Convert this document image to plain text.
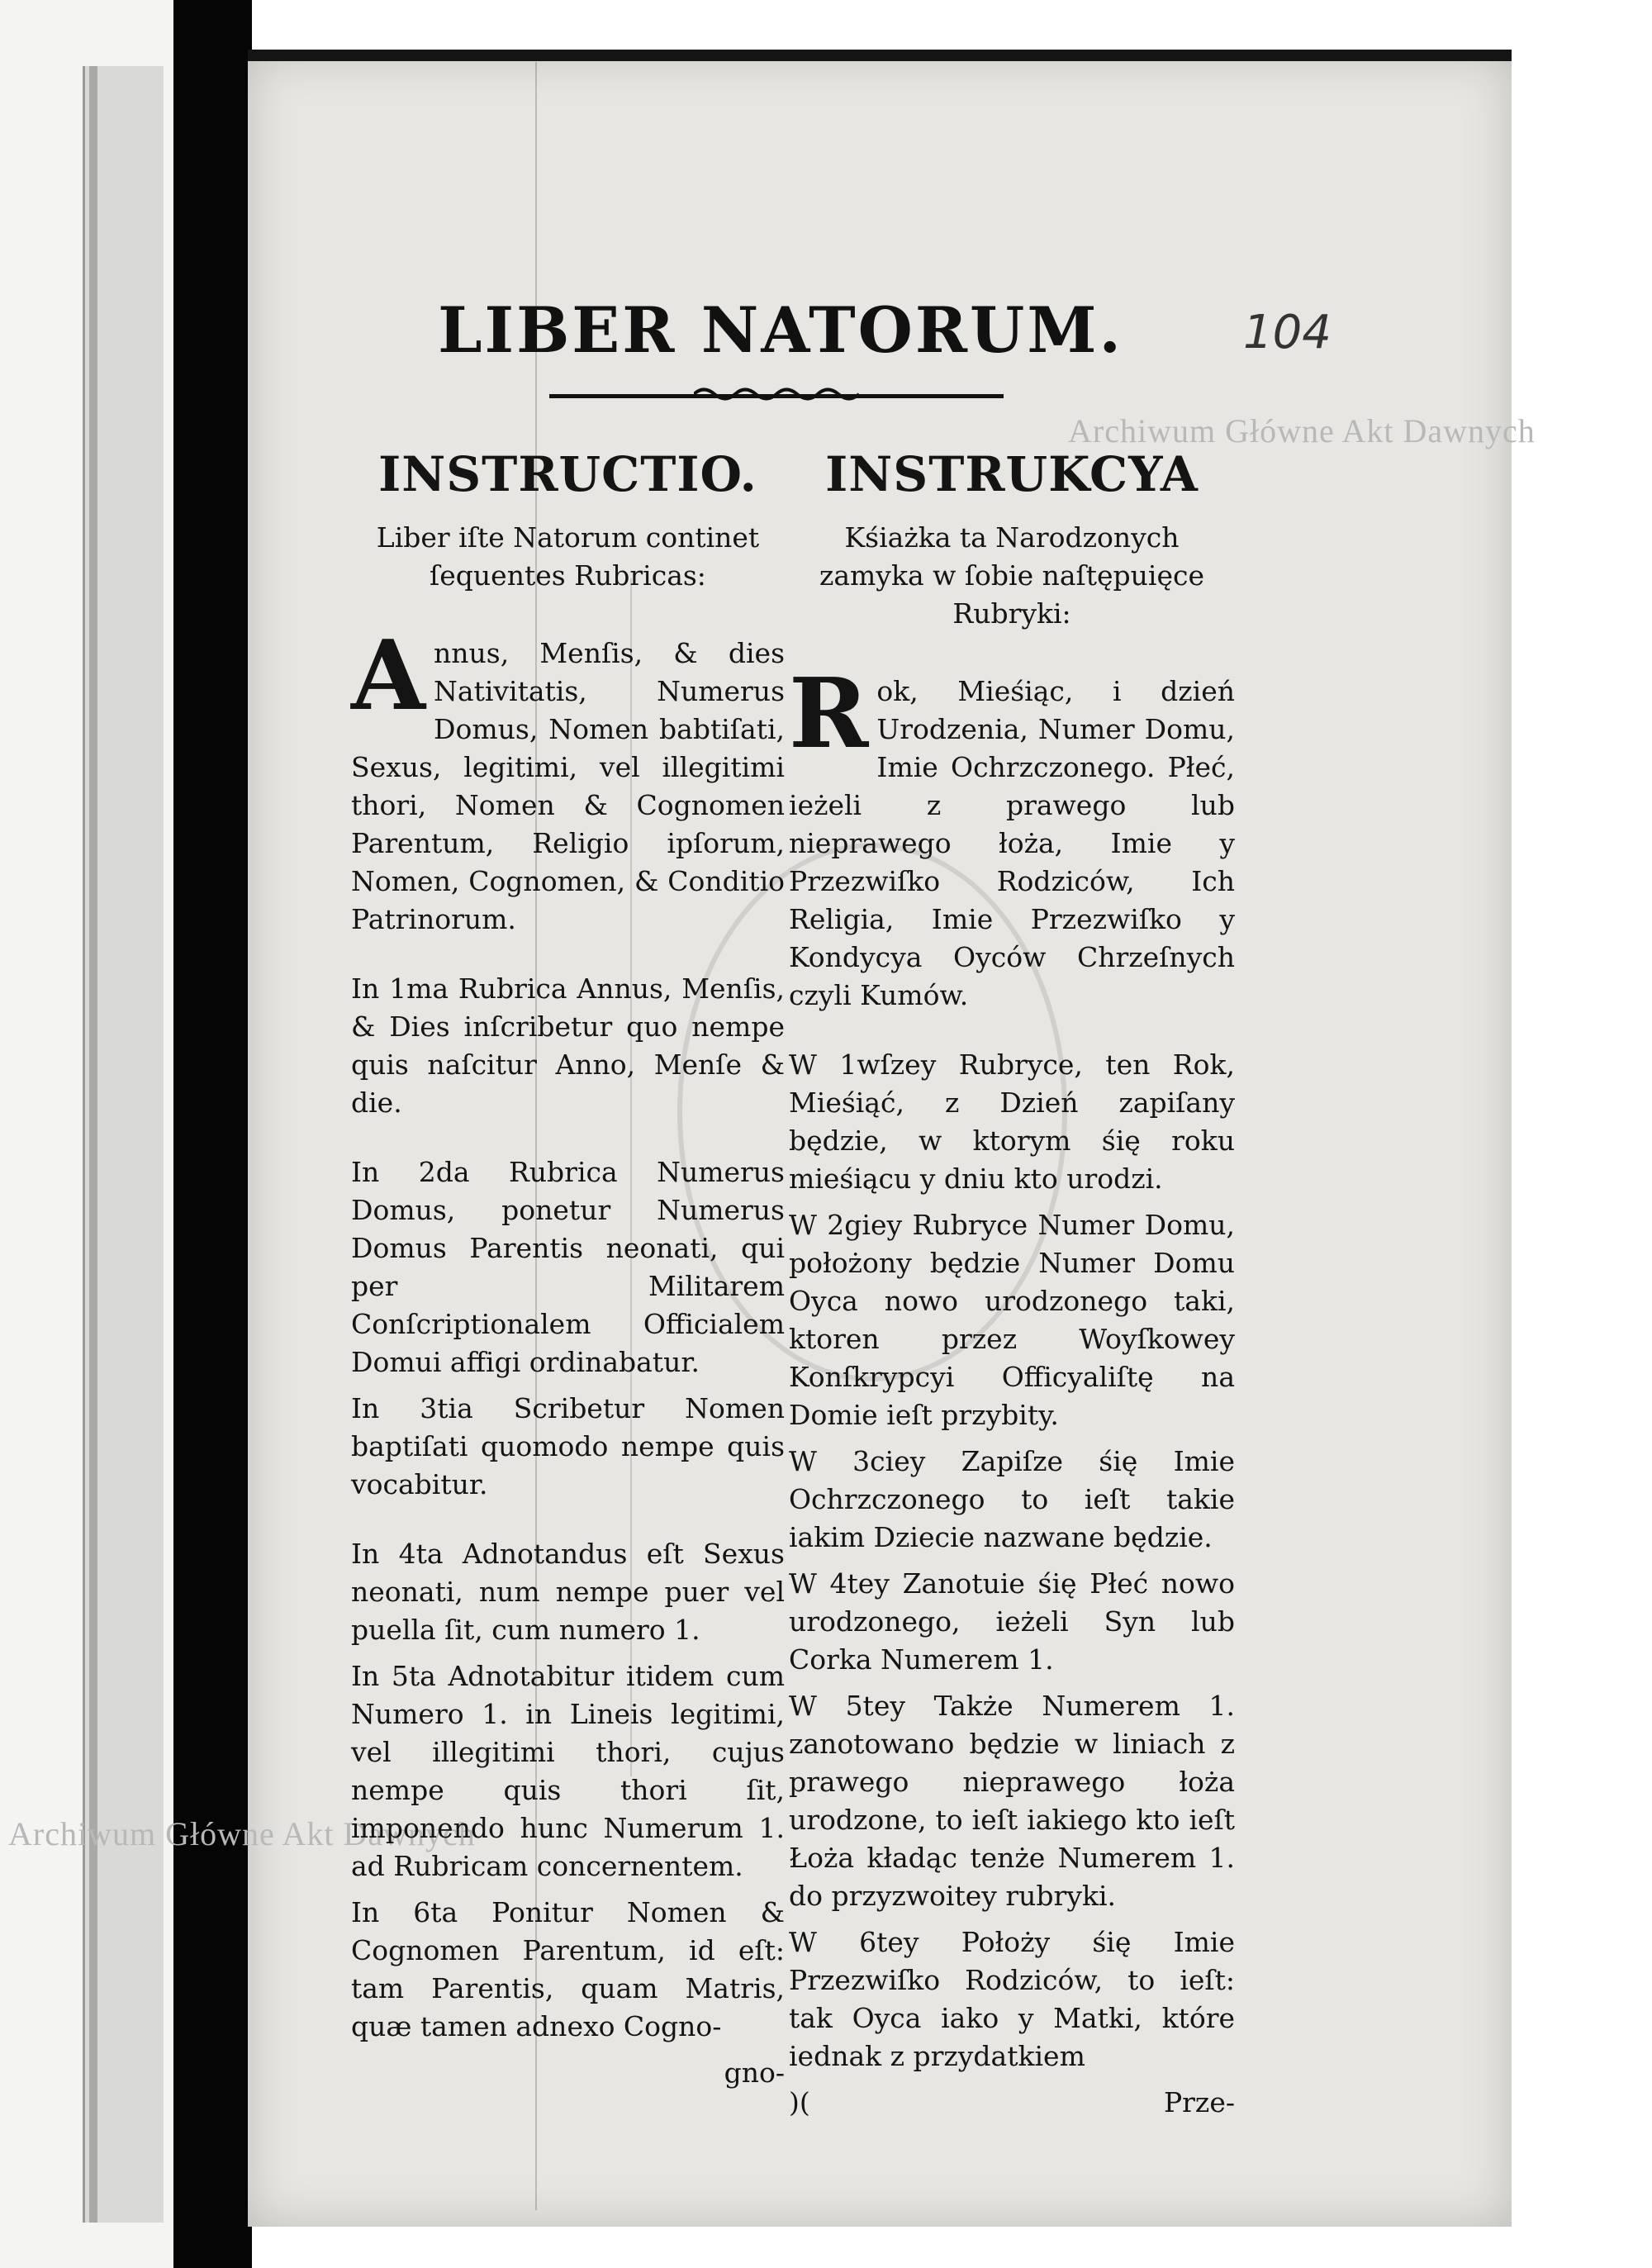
LIBER NATORUM.	104
Archiwum Główne Akt Dawnych
Archiwum Główne Akt Dawnych
INSTRUCTIO.
Liber iſte Natorum continet ſequentes Rubricas:

Annus, Menſis, & dies Nativitatis, Numerus Domus, Nomen babtiſati, Sexus, legitimi, vel illegitimi thori, Nomen & Cognomen Parentum, Religio ipſorum, Nomen, Cognomen, & Conditio Patrinorum.

In 1ma Rubrica Annus, Menſis, & Dies inſcribetur quo nempe quis naſcitur Anno, Menſe & die.

In 2da Rubrica Numerus Domus, ponetur Numerus Domus Parentis neonati, qui per Militarem Conſcriptionalem Officialem Domui affigi ordinabatur.

In 3tia Scribetur Nomen baptiſati quomodo nempe quis vocabitur.

In 4ta Adnotandus eſt Sexus neonati, num nempe puer vel puella ſit, cum numero 1.

In 5ta Adnotabitur itidem cum Numero 1. in Lineis legitimi, vel illegitimi thori, cujus nempe quis thori ſit, imponendo hunc Numerum 1. ad Rubricam concernentem.

In 6ta Ponitur Nomen & Cognomen Parentum, id eſt: tam Parentis, quam Matris, quæ tamen adnexo Cogno-

gno-
INSTRUKCYA
Kśiażka ta Narodzonych zamyka w ſobie naſtępuięce Rubryki:

Rok, Mieśiąc, i dzień Urodzenia, Numer Domu, Imie Ochrzczonego. Płeć, ieżeli z prawego lub nieprawego łoża, Imie y Przezwiſko Rodziców, Ich Religia, Imie Przezwiſko y Kondycya Oyców Chrzeſnych czyli Kumów.

W 1wſzey Rubryce, ten Rok, Mieśiąć, z Dzień zapiſany będzie, w ktorym śię roku mieśiącu y dniu kto urodzi.

W 2giey Rubryce Numer Domu, położony będzie Numer Domu Oyca nowo urodzonego taki, ktoren przez Woyſkowey Konſkrypcyi Officyaliſtę na Domie ieſt przybity.

W 3ciey Zapiſze śię Imie Ochrzczonego to ieſt takie iakim Dziecie nazwane będzie.

W 4tey Zanotuie śię Płeć nowo urodzonego, ieżeli Syn lub Corka Numerem 1.

W 5tey Także Numerem 1. zanotowano będzie w liniach z prawego nieprawego łoża urodzone, to ieſt iakiego kto ieſt Łoża kładąc tenże Numerem 1. do przyzwoitey rubryki.

W 6tey Położy śię Imie Przezwiſko Rodziców, to ieſt: tak Oyca iako y Matki, które iednak z przydatkiem

)(	Prze-
